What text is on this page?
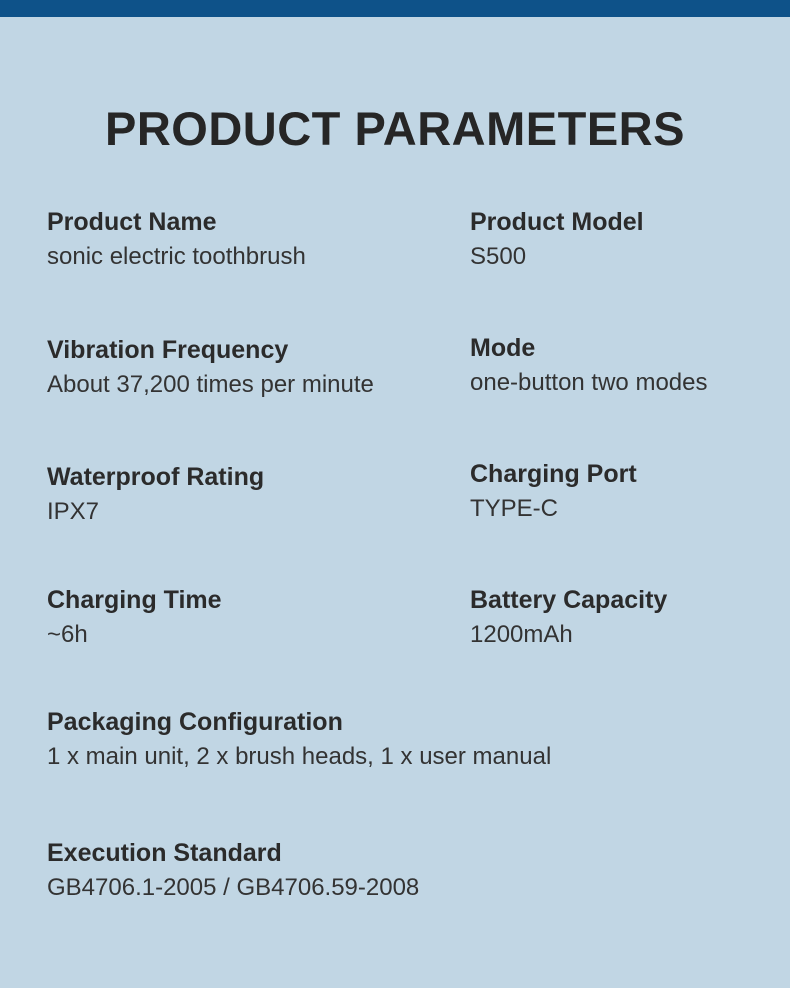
PRODUCT PARAMETERS
Product Name
sonic electric toothbrush
Product Model
S500
Vibration Frequency
About 37,200 times per minute
Mode
one-button two modes
Waterproof Rating
IPX7
Charging Port
TYPE-C
Charging Time
~6h
Battery Capacity
1200mAh
Packaging Configuration
1 x main unit, 2 x brush heads, 1 x user manual
Execution Standard
GB4706.1-2005 / GB4706.59-2008
